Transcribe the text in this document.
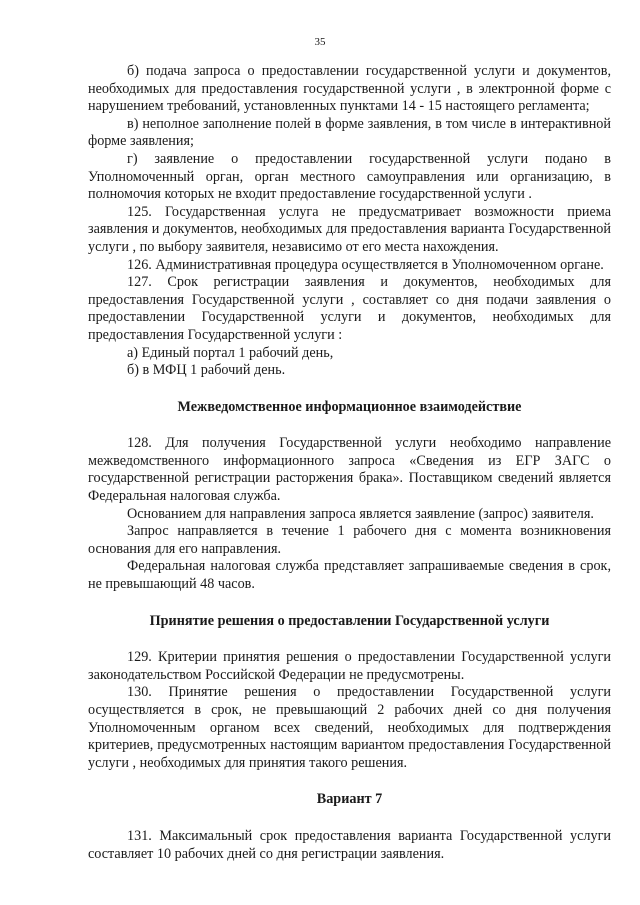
35

б) подача запроса о предоставлении государственной услуги и документов, необходимых для предоставления государственной услуги , в электронной форме с нарушением требований, установленных пунктами 14 - 15 настоящего регламента;

в) неполное заполнение полей в форме заявления, в том числе в интерактивной форме заявления;

г) заявление о предоставлении государственной услуги подано в Уполномоченный орган, орган местного самоуправления или организацию, в полномочия которых не входит предоставление государственной услуги .

125. Государственная услуга не предусматривает возможности приема заявления и документов, необходимых для предоставления варианта Государственной услуги , по выбору заявителя, независимо от его места нахождения.

126. Административная процедура осуществляется в Уполномоченном органе.

127. Срок регистрации заявления и документов, необходимых для предоставления Государственной услуги , составляет со дня подачи заявления о предоставлении Государственной услуги и документов, необходимых для предоставления Государственной услуги :

а) Единый портал 1 рабочий день,

б) в МФЦ 1 рабочий день.

Межведомственное информационное взаимодействие

128. Для получения Государственной услуги необходимо направление межведомственного информационного запроса «Сведения из ЕГР ЗАГС о государственной регистрации расторжения брака». Поставщиком сведений является Федеральная налоговая служба.

Основанием для направления запроса является заявление (запрос) заявителя.

Запрос направляется в течение 1 рабочего дня с момента возникновения основания для его направления.

Федеральная налоговая служба представляет запрашиваемые сведения в срок, не превышающий 48 часов.

Принятие решения о предоставлении Государственной услуги

129. Критерии принятия решения о предоставлении Государственной услуги законодательством Российской Федерации не предусмотрены.

130. Принятие решения о предоставлении Государственной услуги осуществляется в срок, не превышающий 2 рабочих дней со дня получения Уполномоченным органом всех сведений, необходимых для подтверждения критериев, предусмотренных настоящим вариантом предоставления Государственной услуги , необходимых для принятия такого решения.

Вариант 7

131. Максимальный срок предоставления варианта Государственной услуги составляет 10 рабочих дней со дня регистрации заявления.
